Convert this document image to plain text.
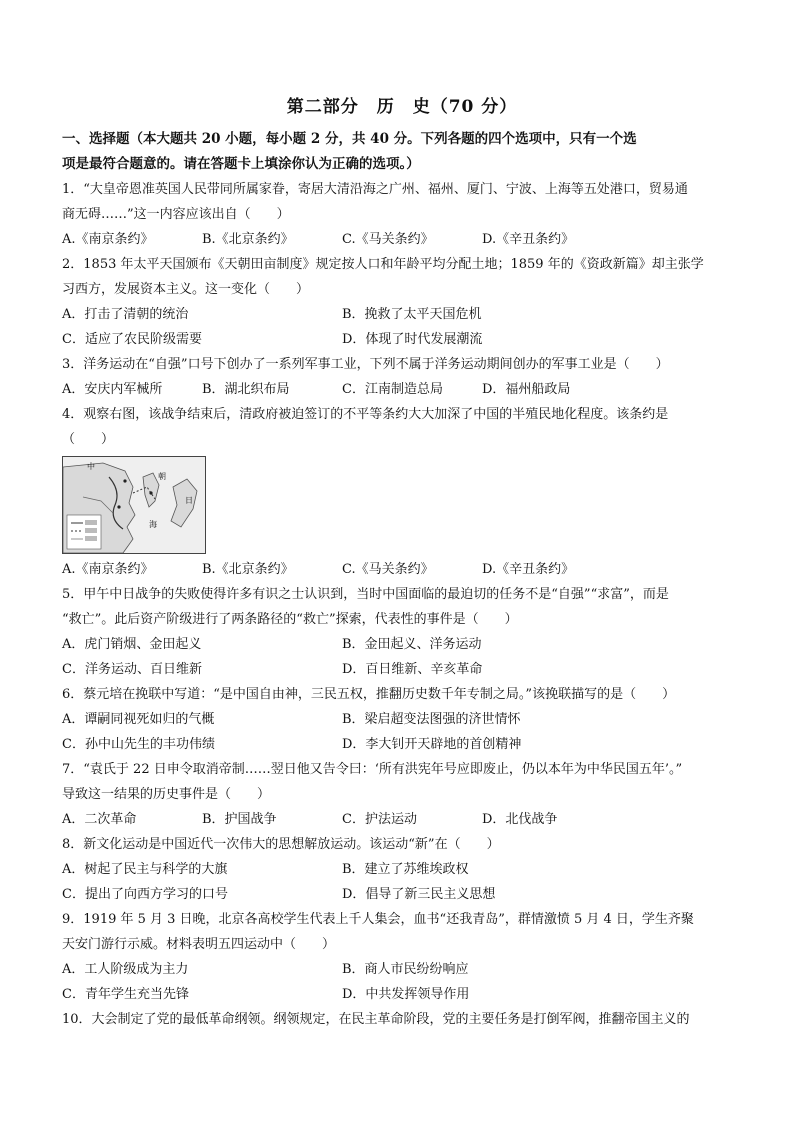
第二部分　历　史（70 分）

一、选择题（本大题共 20 小题，每小题 2 分，共 40 分。下列各题的四个选项中，只有一个选

项是最符合题意的。请在答题卡上填涂你认为正确的选项。）

1．“大皇帝恩准英国人民带同所属家眷，寄居大清沿海之广州、福州、厦门、宁波、上海等五处港口，贸易通

商无碍……”这一内容应该出自（　　）

A.《南京条约》	B.《北京条约》	C.《马关条约》	D.《辛丑条约》

2．1853 年太平天国颁布《天朝田亩制度》规定按人口和年龄平均分配土地；1859 年的《资政新篇》却主张学

习西方，发展资本主义。这一变化（　　）

A．打击了清朝的统治	B．挽救了太平天国危机
C．适应了农民阶级需要	D．体现了时代发展潮流

3．洋务运动在“自强”口号下创办了一系列军事工业，下列不属于洋务运动期间创办的军事工业是（　　）

A．安庆内军械所	B．湖北织布局	C．江南制造总局	D．福州船政局

4．观察右图，该战争结束后，清政府被迫签订的不平等条约大大加深了中国的半殖民地化程度。该条约是

（　　）

中
朝
日
海
A.《南京条约》	B.《北京条约》	C.《马关条约》	D.《辛丑条约》

5．甲午中日战争的失败使得许多有识之士认识到，当时中国面临的最迫切的任务不是“自强”“求富”，而是

“救亡”。此后资产阶级进行了两条路径的“救亡”探索，代表性的事件是（　　）

A．虎门销烟、金田起义	B．金田起义、洋务运动
C．洋务运动、百日维新	D．百日维新、辛亥革命

6．蔡元培在挽联中写道：“是中国自由神，三民五权，推翻历史数千年专制之局。”该挽联描写的是（　　）

A．谭嗣同视死如归的气概	B．梁启超变法图强的济世情怀
C．孙中山先生的丰功伟绩	D．李大钊开天辟地的首创精神

7．“袁氏于 22 日申令取消帝制……翌日他又告令曰：‘所有洪宪年号应即废止，仍以本年为中华民国五年’。”

导致这一结果的历史事件是（　　）

A．二次革命	B．护国战争	C．护法运动	D．北伐战争

8．新文化运动是中国近代一次伟大的思想解放运动。该运动“新”在（　　）

A．树起了民主与科学的大旗	B．建立了苏维埃政权
C．提出了向西方学习的口号	D．倡导了新三民主义思想

9．1919 年 5 月 3 日晚，北京各高校学生代表上千人集会，血书“还我青岛”，群情激愤 5 月 4 日，学生齐聚

天安门游行示威。材料表明五四运动中（　　）

A．工人阶级成为主力	B．商人市民纷纷响应
C．青年学生充当先锋	D．中共发挥领导作用

10．大会制定了党的最低革命纲领。纲领规定，在民主革命阶段，党的主要任务是打倒军阀，推翻帝国主义的
